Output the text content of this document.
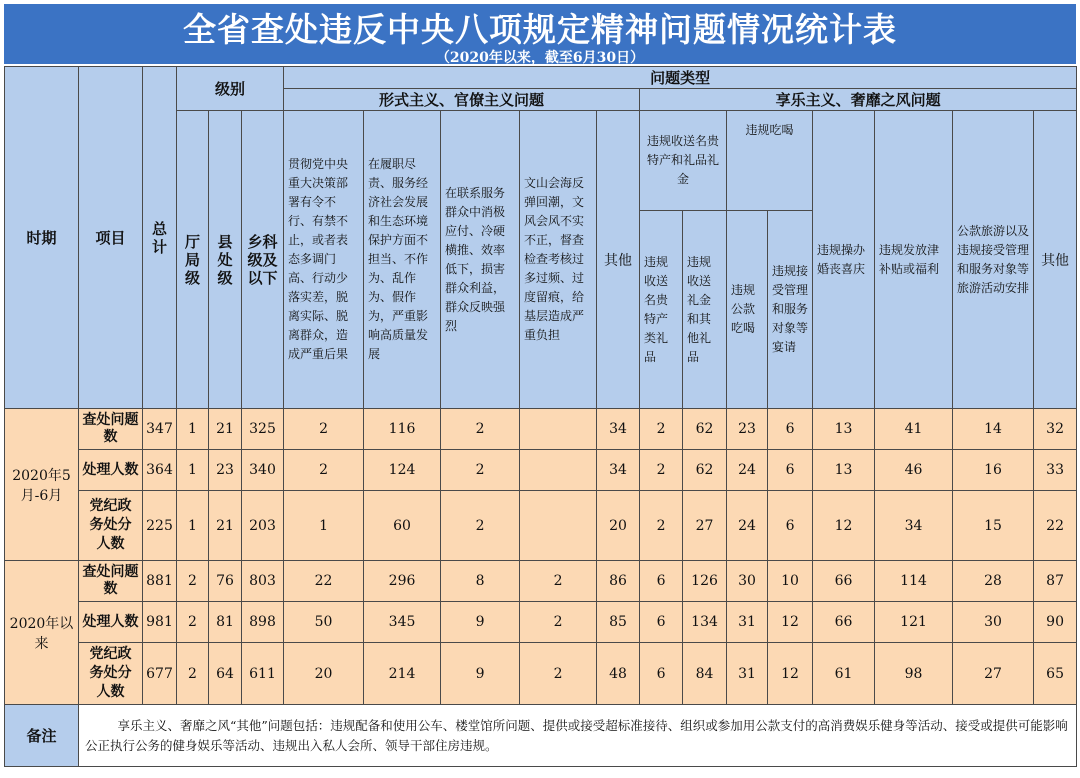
全省查处违反中央八项规定精神问题情况统计表
（2020年以来，截至6月30日）
时期	项目	总计	级别			问题类型												
						形式主义、官僚主义问题					享乐主义、奢靡之风问题							
			厅局级	县处级	乡科级及以下	贯彻党中央重大决策部署有令不行、有禁不止，或者表态多调门高、行动少落实差，脱离实际、脱离群众，造成严重后果	在履职尽责、服务经济社会发展和生态环境保护方面不担当、不作为、乱作为、假作为，严重影响高质量发展	在联系服务群众中消极应付、冷硬横推、效率低下，损害群众利益，群众反映强烈	文山会海反弹回潮，文风会风不实不正，督查检查考核过多过频、过度留痕，给基层造成严重负担	其他	违规收送名贵特产和礼品礼金		违规吃喝		违规操办婚丧喜庆	违规发放津补贴或福利	公款旅游以及违规接受管理和服务对象等旅游活动安排	其他
											违规收送名贵特产类礼品	违规收送礼金和其他礼品	违规公款吃喝	违规接受管理和服务对象等宴请				
2020年5月-6月	查处问题数	347	1	21	325	2	116	2		34	2	62	23	6	13	41	14	32
	处理人数	364	1	23	340	2	124	2		34	2	62	24	6	13	46	16	33
	党纪政务处分人数	225	1	21	203	1	60	2		20	2	27	24	6	12	34	15	22
2020年以来	查处问题数	881	2	76	803	22	296	8	2	86	6	126	30	10	66	114	28	87
	处理人数	981	2	81	898	50	345	9	2	85	6	134	31	12	66	121	30	90
	党纪政务处分人数	677	2	64	611	20	214	9	2	48	6	84	31	12	61	98	27	65
备注	享乐主义、奢靡之风“其他”问题包括：违规配备和使用公车、楼堂馆所问题、提供或接受超标准接待、组织或参加用公款支付的高消费娱乐健身等活动、接受或提供可能影响公正执行公务的健身娱乐等活动、违规出入私人会所、领导干部住房违规。																	
